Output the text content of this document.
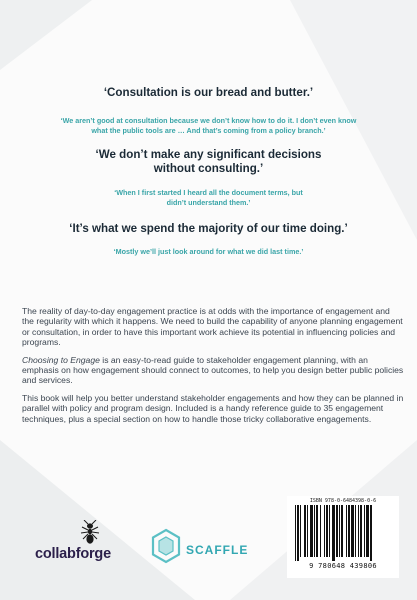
‘Consultation is our bread and butter.’
‘We aren’t good at consultation because we don’t know how to do it. I don’t even know what the public tools are … And that’s coming from a policy branch.’
‘We don’t make any significant decisions without consulting.’
‘When I first started I heard all the document terms, but didn’t understand them.’
‘It’s what we spend the majority of our time doing.’
‘Mostly we’ll just look around for what we did last time.’

The reality of day-to-day engagement practice is at odds with the importance of engagement and the regularity with which it happens. We need to build the capability of anyone planning engagement or consultation, in order to have this important work achieve its potential in influencing policies and programs.

Choosing to Engage is an easy-to-read guide to stakeholder engagement planning, with an emphasis on how engagement should connect to outcomes, to help you design better public policies and services.

This book will help you better understand stakeholder engagements and how they can be planned in parallel with policy and program design. Included is a handy reference guide to 35 engagement techniques, plus a special section on how to handle those tricky collaborative engagements.

collabforge	SCAFFLE
ISBN 978-0-6484398-0-6
9 780648 439806
